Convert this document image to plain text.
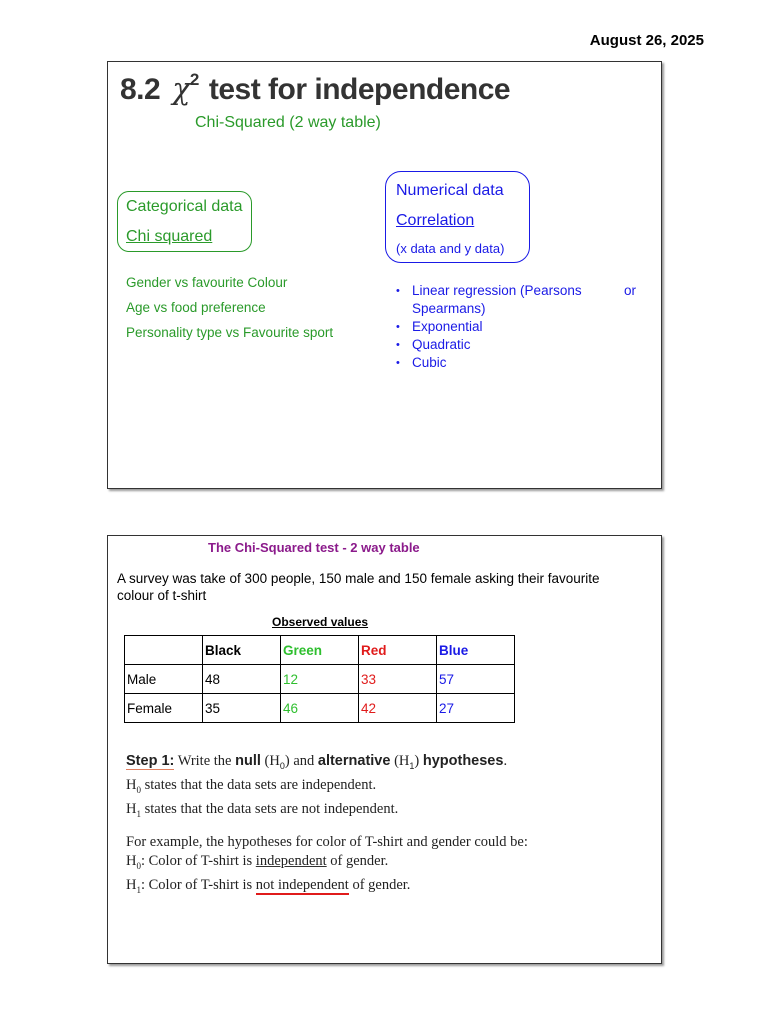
August 26, 2025
8.2 $\chi^2$ test for independence
Chi-Squared (2 way table)
Categorical data
Chi squared
Gender vs favourite Colour
Age vs food preference
Personality type vs Favourite sport
Numerical data
Correlation
(x data and y data)
• Linear regression (Pearsons	or
Spearmans)
• Exponential
• Quadratic
• Cubic
The Chi-Squared test - 2 way table
A survey was take of 300 people, 150 male and 150 female asking their favourite colour of t-shirt
Observed values
	Black	Green	Red	Blue
Male	48	12	33	57
Female	35	46	42	27
Step 1: Write the null $(H_0)$ and alternative $(H_1)$ hypotheses.
$H_0$ states that the data sets are independent.
$H_1$ states that the data sets are not independent.
For example, the hypotheses for color of T-shirt and gender could be:
$H_0$: Color of T-shirt is independent of gender.
$H_1$: Color of T-shirt is not independent of gender.
